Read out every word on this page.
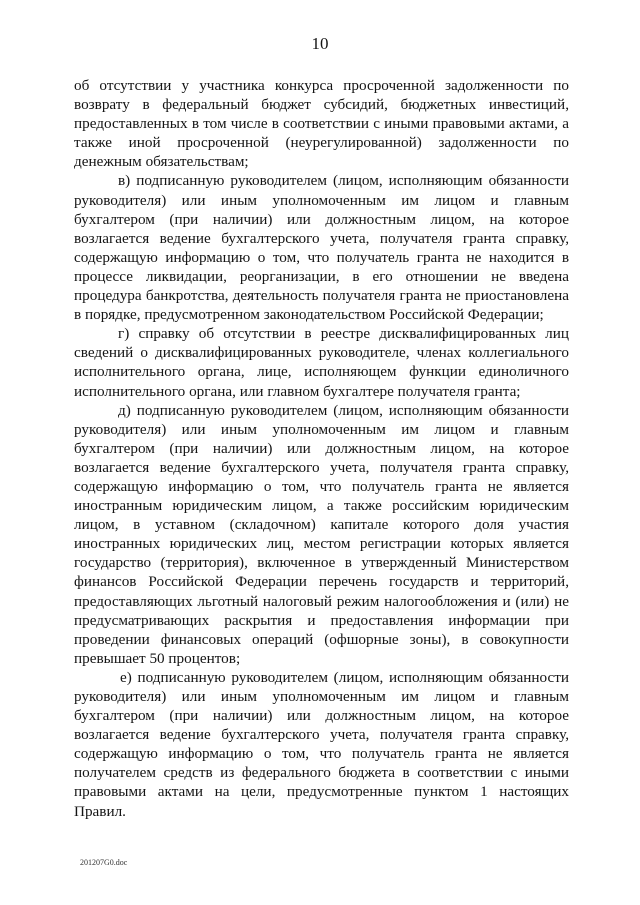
10

об отсутствии у участника конкурса просроченной задолженности по возврату в федеральный бюджет субсидий, бюджетных инвестиций, предоставленных в том числе в соответствии с иными правовыми актами, а также иной просроченной (неурегулированной) задолженности по денежным обязательствам;

в) подписанную руководителем (лицом, исполняющим обязанности руководителя) или иным уполномоченным им лицом и главным бухгалтером (при наличии) или должностным лицом, на которое возлагается ведение бухгалтерского учета, получателя гранта справку, содержащую информацию о том, что получатель гранта не находится в процессе ликвидации, реорганизации, в его отношении не введена процедура банкротства, деятельность получателя гранта не приостановлена в порядке, предусмотренном законодательством Российской Федерации;

г) справку об отсутствии в реестре дисквалифицированных лиц сведений о дисквалифицированных руководителе, членах коллегиального исполнительного органа, лице, исполняющем функции единоличного исполнительного органа, или главном бухгалтере получателя гранта;

д) подписанную руководителем (лицом, исполняющим обязанности руководителя) или иным уполномоченным им лицом и главным бухгалтером (при наличии) или должностным лицом, на которое возлагается ведение бухгалтерского учета, получателя гранта справку, содержащую информацию о том, что получатель гранта не является иностранным юридическим лицом, а также российским юридическим лицом, в уставном (складочном) капитале которого доля участия иностранных юридических лиц, местом регистрации которых является государство (территория), включенное в утвержденный Министерством финансов Российской Федерации перечень государств и территорий, предоставляющих льготный налоговый режим налогообложения и (или) не предусматривающих раскрытия и предоставления информации при проведении финансовых операций (офшорные зоны), в совокупности превышает 50 процентов;

е) подписанную руководителем (лицом, исполняющим обязанности руководителя) или иным уполномоченным им лицом и главным бухгалтером (при наличии) или должностным лицом, на которое возлагается ведение бухгалтерского учета, получателя гранта справку, содержащую информацию о том, что получатель гранта не является получателем средств из федерального бюджета в соответствии с иными правовыми актами на цели, предусмотренные пунктом 1 настоящих Правил.

201207G0.doc
